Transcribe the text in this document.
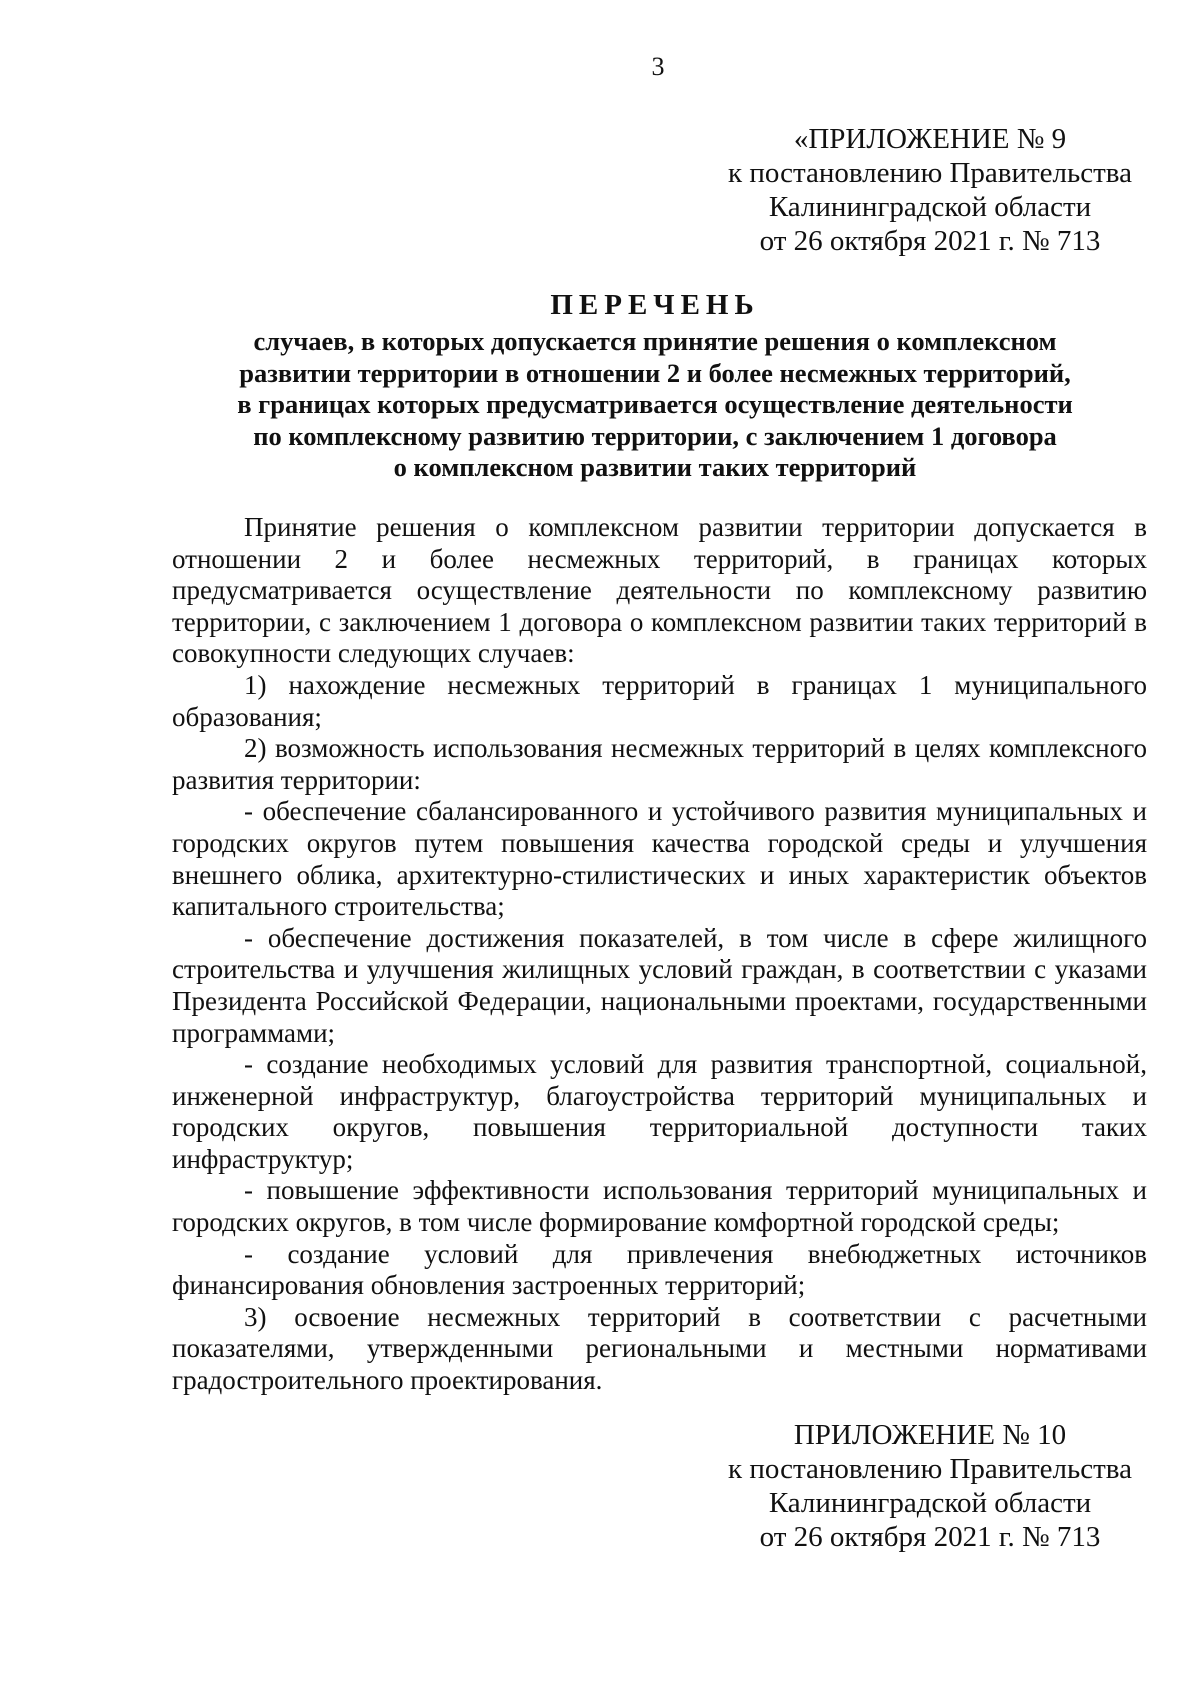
3
«ПРИЛОЖЕНИЕ № 9
к постановлению Правительства
Калининградской области
от 26 октября 2021 г. № 713
ПЕРЕЧЕНЬ
случаев, в которых допускается принятие решения о комплексном
развитии территории в отношении 2 и более несмежных территорий,
в границах которых предусматривается осуществление деятельности
по комплексному развитию территории, с заключением 1 договора
о комплексном развитии таких территорий

Принятие решения о комплексном развитии территории допускается в отношении 2 и более несмежных территорий, в границах которых предусматривается осуществление деятельности по комплексному развитию территории, с заключением 1 договора о комплексном развитии таких территорий в совокупности следующих случаев:

1) нахождение несмежных территорий в границах 1 муниципального образования;

2) возможность использования несмежных территорий в целях комплексного развития территории:

- обеспечение сбалансированного и устойчивого развития муниципальных и городских округов путем повышения качества городской среды и улучшения внешнего облика, архитектурно-стилистических и иных характеристик объектов капитального строительства;

- обеспечение достижения показателей, в том числе в сфере жилищного строительства и улучшения жилищных условий граждан, в соответствии с указами Президента Российской Федерации, национальными проектами, государственными программами;

- создание необходимых условий для развития транспортной, социальной, инженерной инфраструктур, благоустройства территорий муниципальных и городских округов, повышения территориальной доступности таких инфраструктур;

- повышение эффективности использования территорий муниципальных и городских округов, в том числе формирование комфортной городской среды;

- создание условий для привлечения внебюджетных источников финансирования обновления застроенных территорий;

3) освоение несмежных территорий в соответствии с расчетными показателями, утвержденными региональными и местными нормативами градостроительного проектирования.

ПРИЛОЖЕНИЕ № 10
к постановлению Правительства
Калининградской области
от 26 октября 2021 г. № 713
